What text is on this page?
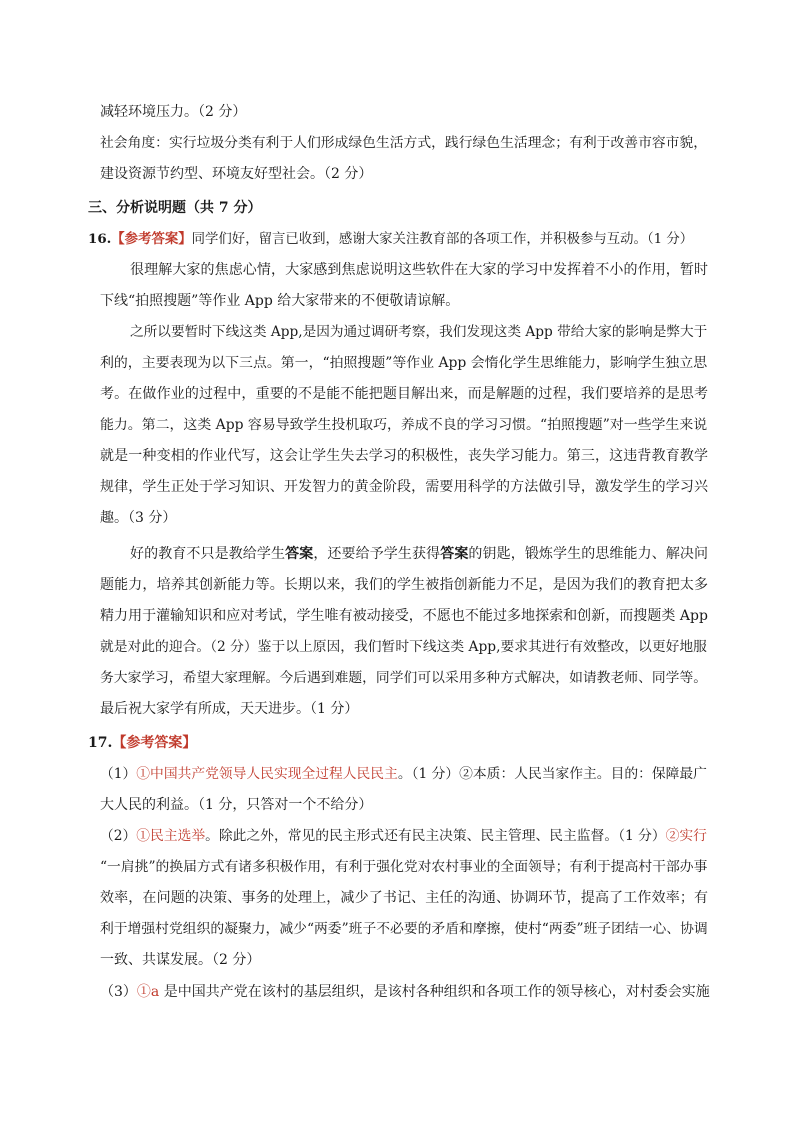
减轻环境压力。（2 分）
社会角度：实行垃圾分类有利于人们形成绿色生活方式，践行绿色生活理念；有利于改善市容市貌，
建设资源节约型、环境友好型社会。（2 分）
三、分析说明题（共 7 分）
16.【参考答案】同学们好，留言已收到，感谢大家关注教育部的各项工作，并积极参与互动。（1 分）
很理解大家的焦虑心情，大家感到焦虑说明这些软件在大家的学习中发挥着不小的作用，暂时
下线“拍照搜题”等作业 App 给大家带来的不便敬请谅解。
之所以要暂时下线这类 App,是因为通过调研考察，我们发现这类 App 带给大家的影响是弊大于
利的，主要表现为以下三点。第一，“拍照搜题”等作业 App 会惰化学生思维能力，影响学生独立思
考。在做作业的过程中，重要的不是能不能把题目解出来，而是解题的过程，我们要培养的是思考
能力。第二，这类 App 容易导致学生投机取巧，养成不良的学习习惯。“拍照搜题”对一些学生来说
就是一种变相的作业代写，这会让学生失去学习的积极性，丧失学习能力。第三，这违背教育教学
规律，学生正处于学习知识、开发智力的黄金阶段，需要用科学的方法做引导，激发学生的学习兴
趣。（3 分）
好的教育不只是教给学生答案，还要给予学生获得答案的钥匙，锻炼学生的思维能力、解决问
题能力，培养其创新能力等。长期以来，我们的学生被指创新能力不足，是因为我们的教育把太多
精力用于灌输知识和应对考试，学生唯有被动接受，不愿也不能过多地探索和创新，而搜题类 App
就是对此的迎合。（2 分）鉴于以上原因，我们暂时下线这类 App,要求其进行有效整改，以更好地服
务大家学习，希望大家理解。今后遇到难题，同学们可以采用多种方式解决，如请教老师、同学等。
最后祝大家学有所成，天天进步。（1 分）
17.【参考答案】
（1）①中国共产党领导人民实现全过程人民民主。（1 分）②本质：人民当家作主。目的：保障最广
大人民的利益。（1 分，只答对一个不给分）
（2）①民主选举。除此之外，常见的民主形式还有民主决策、民主管理、民主监督。（1 分）②实行
“一肩挑”的换届方式有诸多积极作用，有利于强化党对农村事业的全面领导；有利于提高村干部办事
效率，在问题的决策、事务的处理上，减少了书记、主任的沟通、协调环节，提高了工作效率；有
利于增强村党组织的凝聚力，减少“两委”班子不必要的矛盾和摩擦，使村“两委”班子团结一心、协调
一致、共谋发展。（2 分）
（3）①a 是中国共产党在该村的基层组织，是该村各种组织和各项工作的领导核心，对村委会实施
